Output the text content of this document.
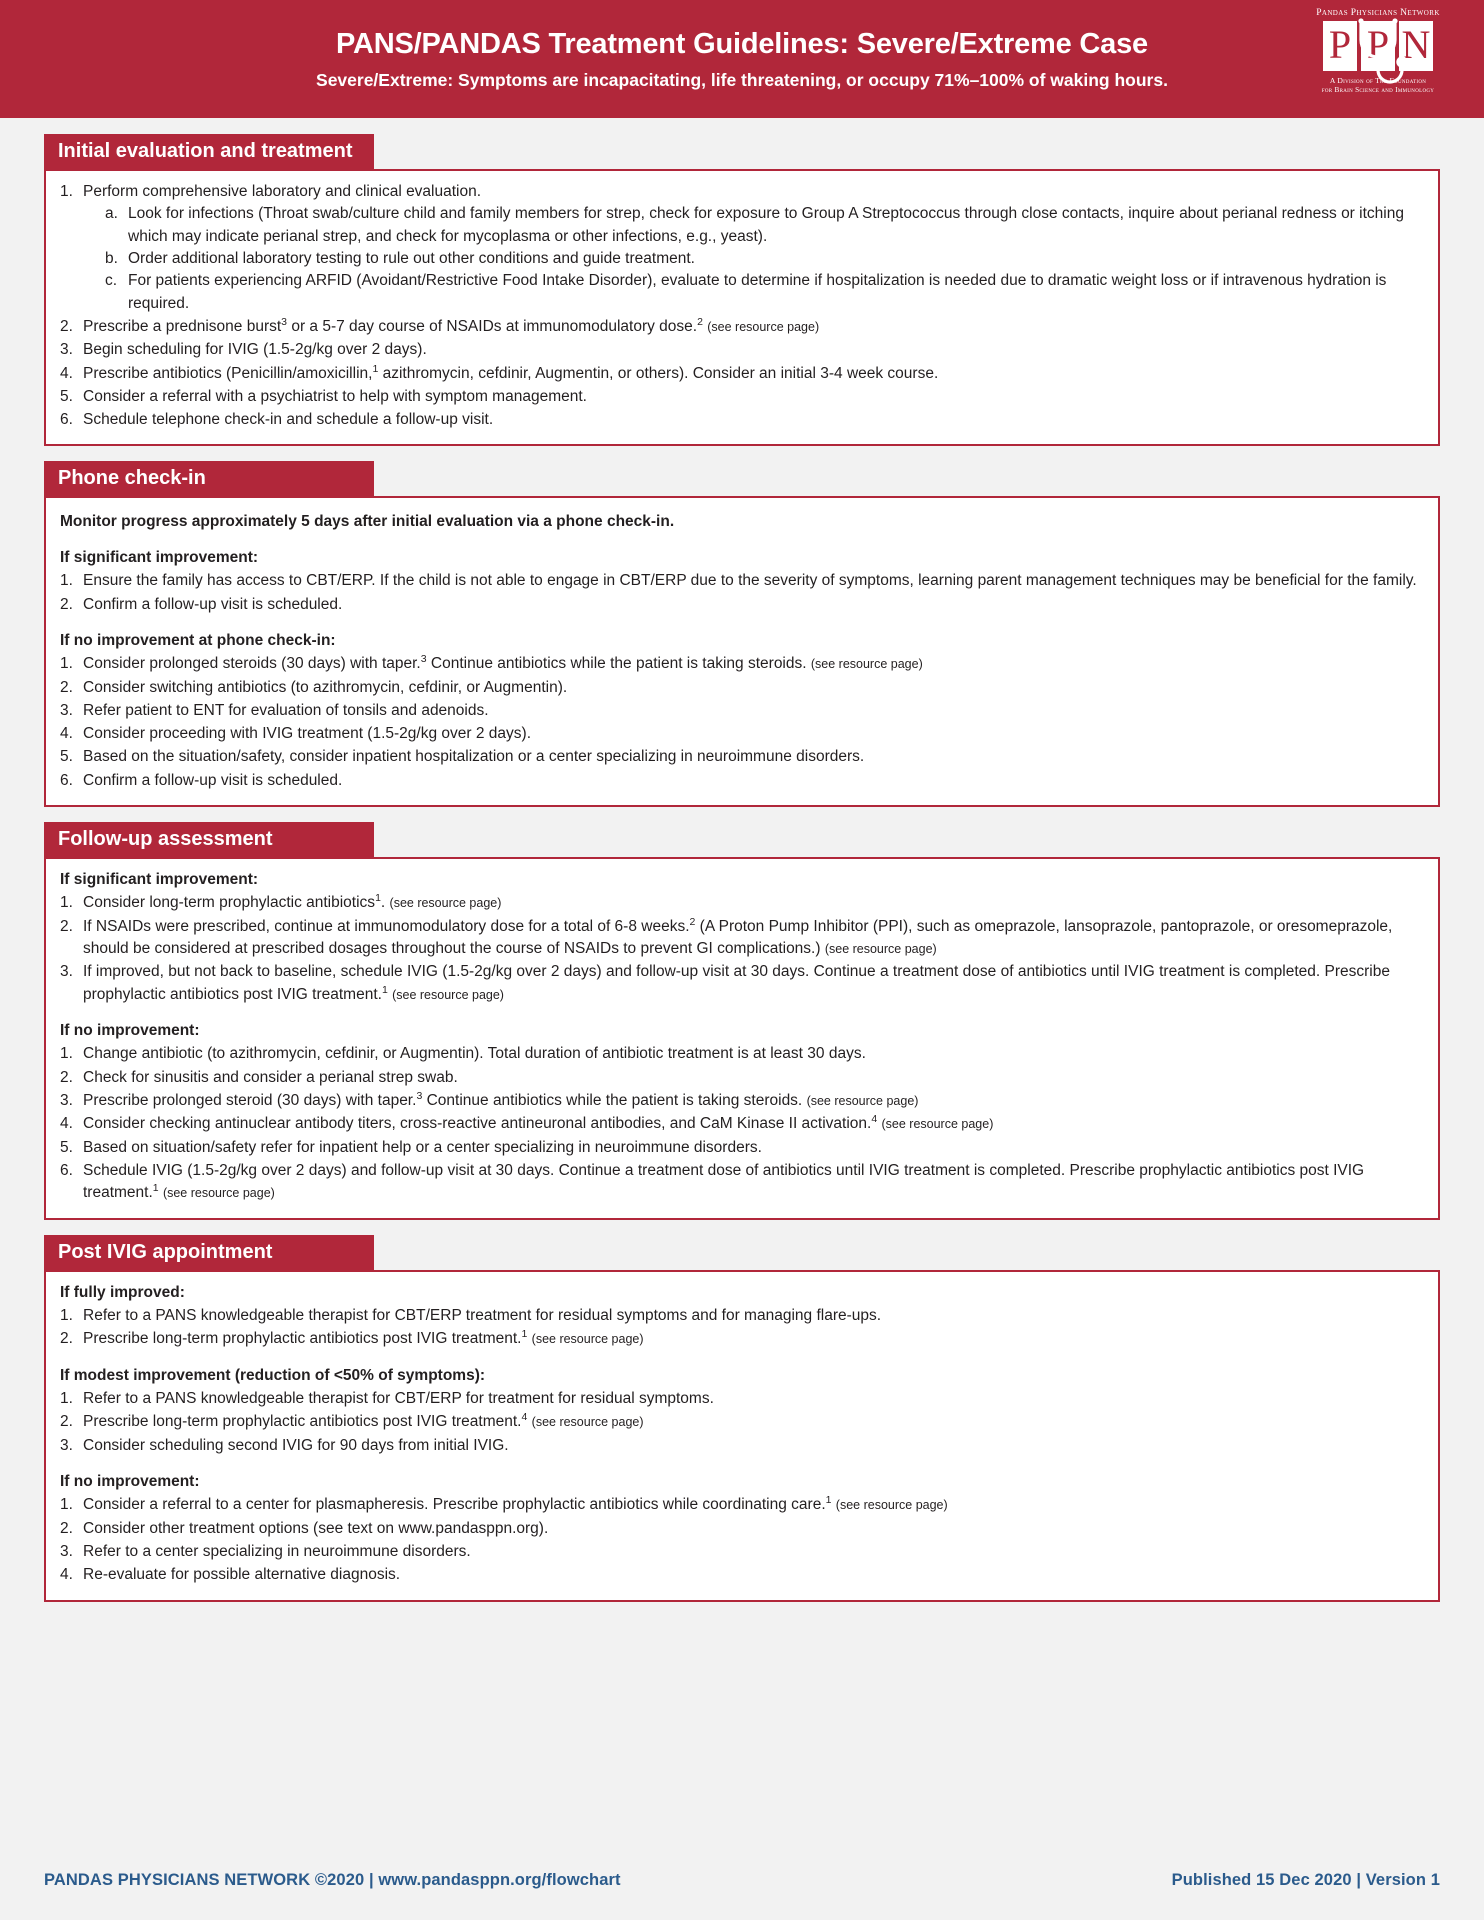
PANS/PANDAS Treatment Guidelines: Severe/Extreme Case
Severe/Extreme: Symptoms are incapacitating, life threatening, or occupy 71%–100% of waking hours.
Pandas Physicians Network
P P N
A Division of The Foundation
for Brain Science and Immunology
Initial evaluation and treatment
1. Perform comprehensive laboratory and clinical evaluation.
a. Look for infections (Throat swab/culture child and family members for strep, check for exposure to Group A Streptococcus through close contacts, inquire about perianal redness or itching which may indicate perianal strep, and check for mycoplasma or other infections, e.g., yeast).
b. Order additional laboratory testing to rule out other conditions and guide treatment.
c. For patients experiencing ARFID (Avoidant/Restrictive Food Intake Disorder), evaluate to determine if hospitalization is needed due to dramatic weight loss or if intravenous hydration is required.
2. Prescribe a prednisone burst$^3$ or a 5-7 day course of NSAIDs at immunomodulatory dose.$^2$ (see resource page)
3. Begin scheduling for IVIG (1.5-2g/kg over 2 days).
4. Prescribe antibiotics (Penicillin/amoxicillin,$^1$ azithromycin, cefdinir, Augmentin, or others). Consider an initial 3-4 week course.
5. Consider a referral with a psychiatrist to help with symptom management.
6. Schedule telephone check-in and schedule a follow-up visit.
Phone check-in
Monitor progress approximately 5 days after initial evaluation via a phone check-in.
If significant improvement:
1. Ensure the family has access to CBT/ERP. If the child is not able to engage in CBT/ERP due to the severity of symptoms, learning parent management techniques may be beneficial for the family.
2. Confirm a follow-up visit is scheduled.
If no improvement at phone check-in:
1. Consider prolonged steroids (30 days) with taper.$^3$ Continue antibiotics while the patient is taking steroids. (see resource page)
2. Consider switching antibiotics (to azithromycin, cefdinir, or Augmentin).
3. Refer patient to ENT for evaluation of tonsils and adenoids.
4. Consider proceeding with IVIG treatment (1.5-2g/kg over 2 days).
5. Based on the situation/safety, consider inpatient hospitalization or a center specializing in neuroimmune disorders.
6. Confirm a follow-up visit is scheduled.
Follow-up assessment
If significant improvement:
1. Consider long-term prophylactic antibiotics$^1$. (see resource page)
2. If NSAIDs were prescribed, continue at immunomodulatory dose for a total of 6-8 weeks.$^2$ (A Proton Pump Inhibitor (PPI), such as omeprazole, lansoprazole, pantoprazole, or oresomeprazole, should be considered at prescribed dosages throughout the course of NSAIDs to prevent GI complications.) (see resource page)
3. If improved, but not back to baseline, schedule IVIG (1.5-2g/kg over 2 days) and follow-up visit at 30 days. Continue a treatment dose of antibiotics until IVIG treatment is completed. Prescribe prophylactic antibiotics post IVIG treatment.$^1$ (see resource page)
If no improvement:
1. Change antibiotic (to azithromycin, cefdinir, or Augmentin). Total duration of antibiotic treatment is at least 30 days.
2. Check for sinusitis and consider a perianal strep swab.
3. Prescribe prolonged steroid (30 days) with taper.$^3$ Continue antibiotics while the patient is taking steroids. (see resource page)
4. Consider checking antinuclear antibody titers, cross-reactive antineuronal antibodies, and CaM Kinase II activation.$^4$ (see resource page)
5. Based on situation/safety refer for inpatient help or a center specializing in neuroimmune disorders.
6. Schedule IVIG (1.5-2g/kg over 2 days) and follow-up visit at 30 days. Continue a treatment dose of antibiotics until IVIG treatment is completed. Prescribe prophylactic antibiotics post IVIG treatment.$^1$ (see resource page)
Post IVIG appointment
If fully improved:
1. Refer to a PANS knowledgeable therapist for CBT/ERP treatment for residual symptoms and for managing flare-ups.
2. Prescribe long-term prophylactic antibiotics post IVIG treatment.$^1$ (see resource page)
If modest improvement (reduction of <50% of symptoms):
1. Refer to a PANS knowledgeable therapist for CBT/ERP for treatment for residual symptoms.
2. Prescribe long-term prophylactic antibiotics post IVIG treatment.$^4$ (see resource page)
3. Consider scheduling second IVIG for 90 days from initial IVIG.
If no improvement:
1. Consider a referral to a center for plasmapheresis. Prescribe prophylactic antibiotics while coordinating care.$^1$ (see resource page)
2. Consider other treatment options (see text on www.pandasppn.org).
3. Refer to a center specializing in neuroimmune disorders.
4. Re-evaluate for possible alternative diagnosis.
PANDAS PHYSICIANS NETWORK ©2020 | www.pandasppn.org/flowchart	Published 15 Dec 2020 | Version 1
